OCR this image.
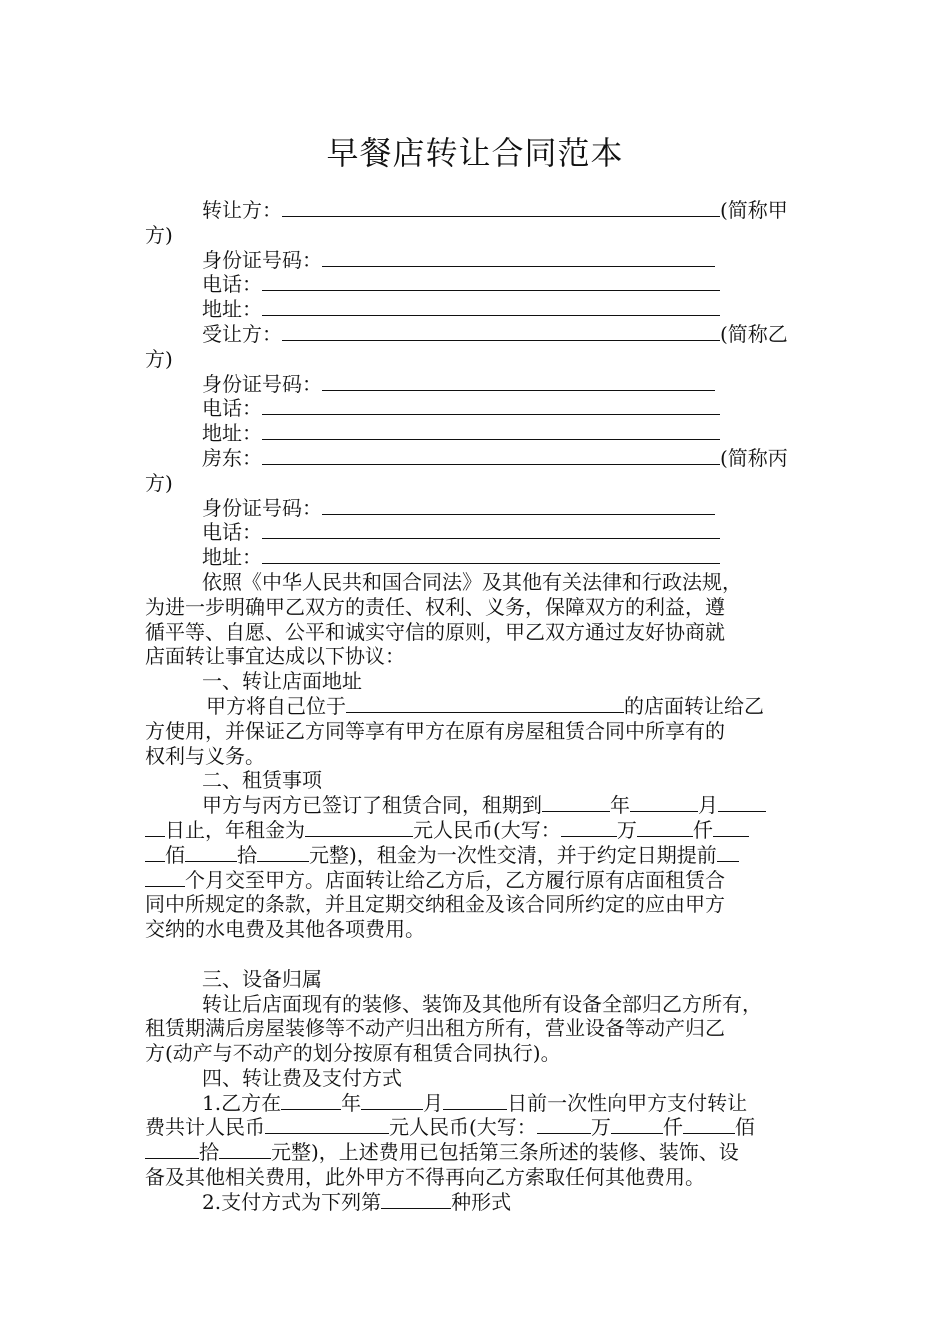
早餐店转让合同范本
转让方：	(简称甲
方)
身份证号码：
电话：
地址：
受让方：	(简称乙
方)
身份证号码：
电话：
地址：
房东：	(简称丙
方)
身份证号码：
电话：
地址：
依照《中华人民共和国合同法》及其他有关法律和行政法规，
为进一步明确甲乙双方的责任、权利、义务，保障双方的利益，遵
循平等、自愿、公平和诚实守信的原则，甲乙双方通过友好协商就
店面转让事宜达成以下协议：
一、转让店面地址
甲方将自己位于	的店面转让给乙
方使用，并保证乙方同等享有甲方在原有房屋租赁合同中所享有的
权利与义务。
二、租赁事项
甲方与丙方已签订了租赁合同，租期到	年	月
日止，年租金为	元人民币(大写：	万	仟
佰	拾	元整)，租金为一次性交清，并于约定日期提前
个月交至甲方。店面转让给乙方后，乙方履行原有店面租赁合
同中所规定的条款，并且定期交纳租金及该合同所约定的应由甲方
交纳的水电费及其他各项费用。
三、设备归属
转让后店面现有的装修、装饰及其他所有设备全部归乙方所有，
租赁期满后房屋装修等不动产归出租方所有，营业设备等动产归乙
方(动产与不动产的划分按原有租赁合同执行)。
四、转让费及支付方式
1.乙方在	年	月	日前一次性向甲方支付转让
费共计人民币	元人民币(大写：	万	仟	佰
拾	元整)，上述费用已包括第三条所述的装修、装饰、设
备及其他相关费用，此外甲方不得再向乙方索取任何其他费用。
2.支付方式为下列第	种形式
